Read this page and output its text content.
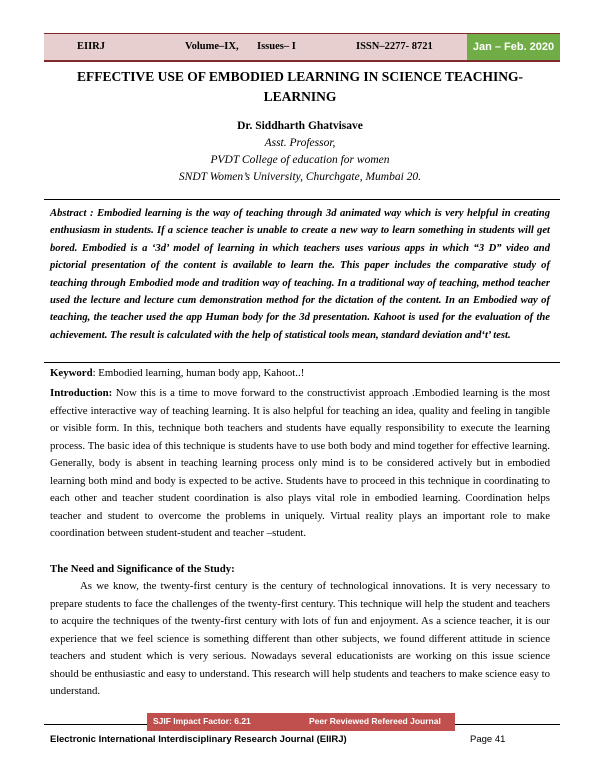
EIIRJ	Volume–IX, Issues– I	ISSN–2277- 8721	Jan – Feb. 2020
EFFECTIVE USE OF EMBODIED LEARNING IN SCIENCE TEACHING-LEARNING
Dr. Siddharth Ghatvisave
Asst. Professor,
PVDT College of education for women
SNDT Women’s University, Churchgate, Mumbai 20.
Abstract : Embodied learning is the way of teaching through 3d animated way which is very helpful in creating enthusiasm in students. If a science teacher is unable to create a new way to learn something in students will get bored. Embodied is a ‘3d’ model of learning in which teachers uses various apps in which “3 D” video and pictorial presentation of the content is available to learn the. This paper includes the comparative study of teaching through Embodied mode and tradition way of teaching. In a traditional way of teaching, method teacher used the lecture and lecture cum demonstration method for the dictation of the content. In an Embodied way of teaching, the teacher used the app Human body for the 3d presentation. Kahoot is used for the evaluation of the achievement. The result is calculated with the help of statistical tools mean, standard deviation and‘t’ test.
Keyword: Embodied learning, human body app, Kahoot..!
Introduction: Now this is a time to move forward to the constructivist approach .Embodied learning is the most effective interactive way of teaching learning. It is also helpful for teaching an idea, quality and feeling in tangible or visible form. In this, technique both teachers and students have equally responsibility to execute the learning process. The basic idea of this technique is students have to use both body and mind together for effective learning. Generally, body is absent in teaching learning process only mind is to be considered actively but in embodied learning both mind and body is expected to be active. Students have to proceed in this technique in coordinating to each other and teacher student coordination is also plays vital role in embodied learning. Coordination helps teacher and student to overcome the problems in uniquely. Virtual reality plays an important role to make coordination between student-student and teacher –student.
The Need and Significance of the Study:
As we know, the twenty-first century is the century of technological innovations. It is very necessary to prepare students to face the challenges of the twenty-first century. This technique will help the student and teachers to acquire the techniques of the twenty-first century with lots of fun and enjoyment. As a science teacher, it is our experience that we feel science is something different than other subjects, we found different attitude in science teachers and student which is very serious. Nowadays several educationists are working on this issue science should be enthusiastic and easy to understand. This research will help students and teachers to make science easy to understand.
SJIF Impact Factor: 6.21	Peer Reviewed Refereed Journal
Electronic International Interdisciplinary Research Journal (EIIRJ)	Page 41
